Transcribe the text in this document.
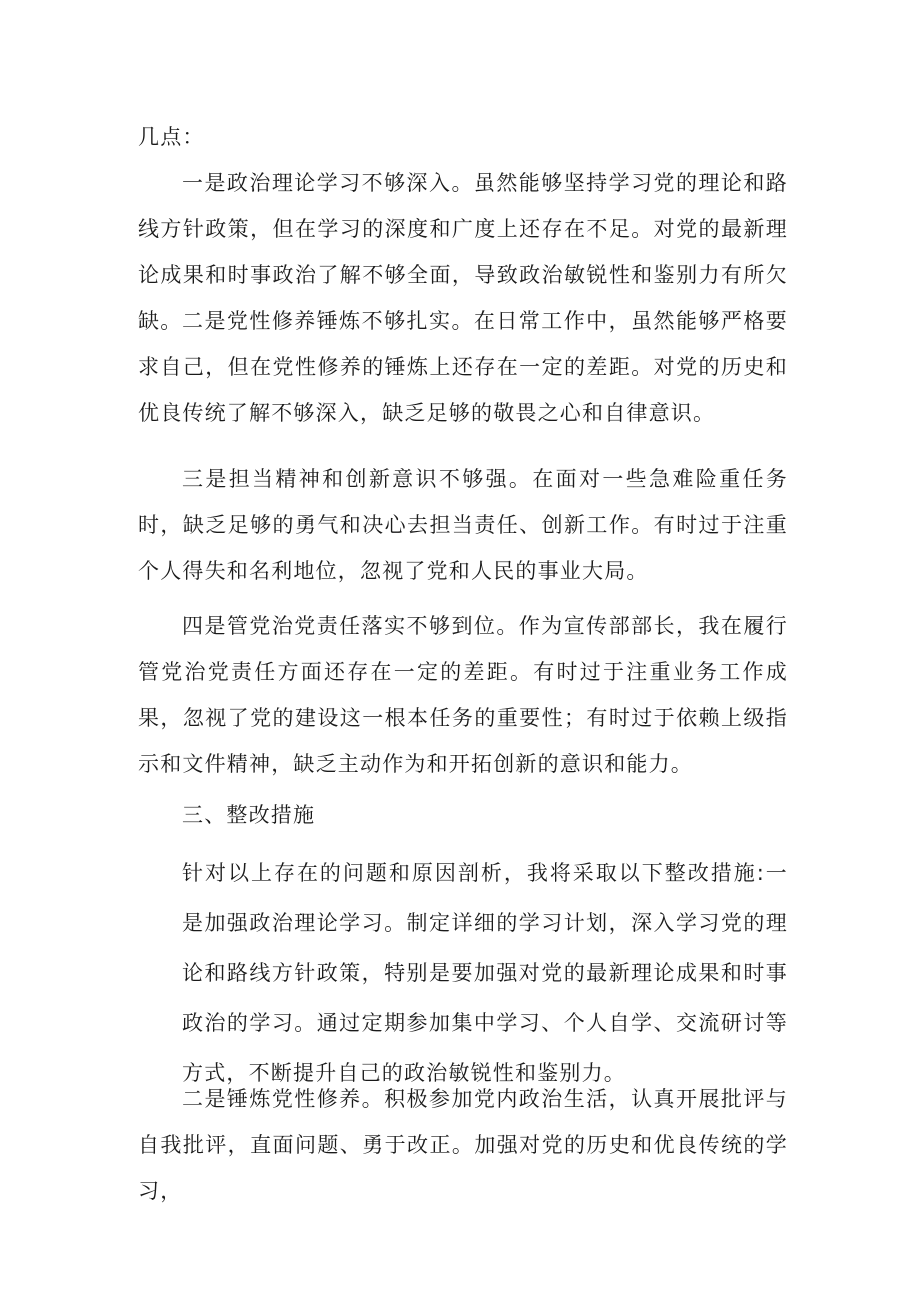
几点：

一是政治理论学习不够深入。虽然能够坚持学习党的理论和路线方针政策，但在学习的深度和广度上还存在不足。对党的最新理论成果和时事政治了解不够全面，导致政治敏锐性和鉴别力有所欠缺。 二是党性修养锤炼不够扎实。在日常工作中，虽然能够严格要求自己，但在党性修养的锤炼上还存在一定的差距。对党的历史和优良传统了解不够深入，缺乏足够的敬畏之心和自律意识。

三是担当精神和创新意识不够强。在面对一些急难险重任务时，缺乏足够的勇气和决心去担当责任、创新工作。有时过于注重个人得失和名利地位，忽视了党和人民的事业大局。

四是管党治党责任落实不够到位。作为宣传部部长，我在履行管党治党责任方面还存在一定的差距。有时过于注重业务工作成果，忽视了党的建设这一根本任务的重要性；有时过于依赖上级指示和文件精神，缺乏主动作为和开拓创新的意识和能力。

三、整改措施

针对以上存在的问题和原因剖析，我将采取以下整改措施:一是加强政治理论学习。制定详细的学习计划，深入学习党的理论和路线方针政策，特别是要加强对党的最新理论成果和时事政治的学习。通过定期参加集中学习、个人自学、交流研讨等方式，不断提升自己的政治敏锐性和鉴别力。

二是锤炼党性修养。积极参加党内政治生活，认真开展批评与自我批评，直面问题、勇于改正。加强对党的历史和优良传统的学习，
